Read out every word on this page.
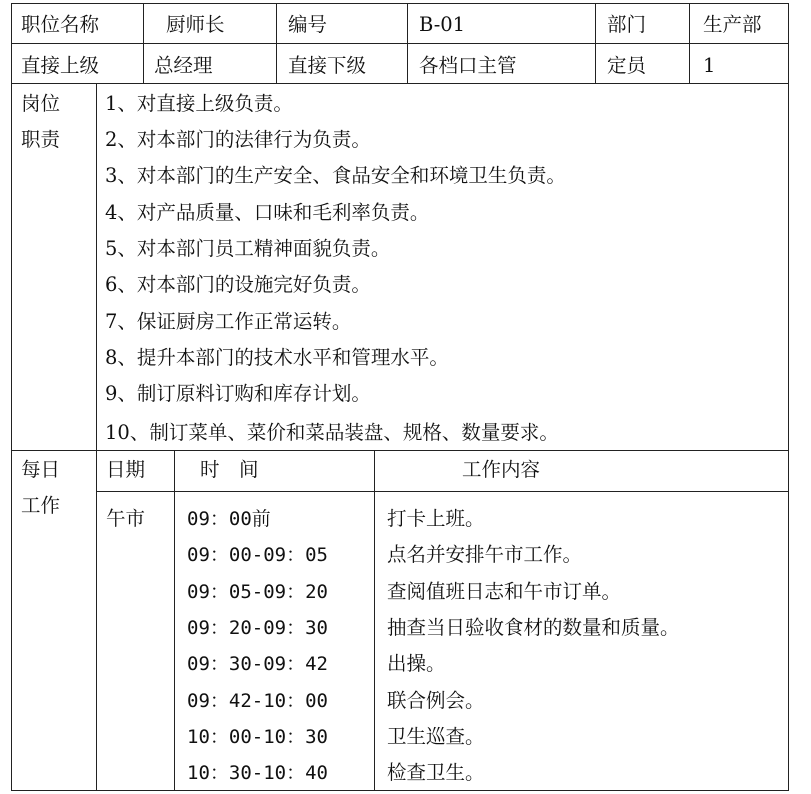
职位名称	厨师长	编号	B-01	部门	生产部
直接上级	总经理	直接下级	各档口主管	定员	1
岗位
职责
1、对直接上级负责。
2、对本部门的法律行为负责。
3、对本部门的生产安全、食品安全和环境卫生负责。
4、对产品质量、口味和毛利率负责。
5、对本部门员工精神面貌负责。
6、对本部门的设施完好负责。
7、保证厨房工作正常运转。
8、提升本部门的技术水平和管理水平。
9、制订原料订购和库存计划。
10、制订菜单、菜价和菜品装盘、规格、数量要求。
每日
工作
日期	时　间	工作内容
午市 09：00前	打卡上班。
09：00-09：05	点名并安排午市工作。
09：05-09：20	查阅值班日志和午市订单。
09：20-09：30	抽查当日验收食材的数量和质量。
09：30-09：42	出操。
09：42-10：00	联合例会。
10：00-10：30	卫生巡查。
10：30-10：40	检查卫生。
